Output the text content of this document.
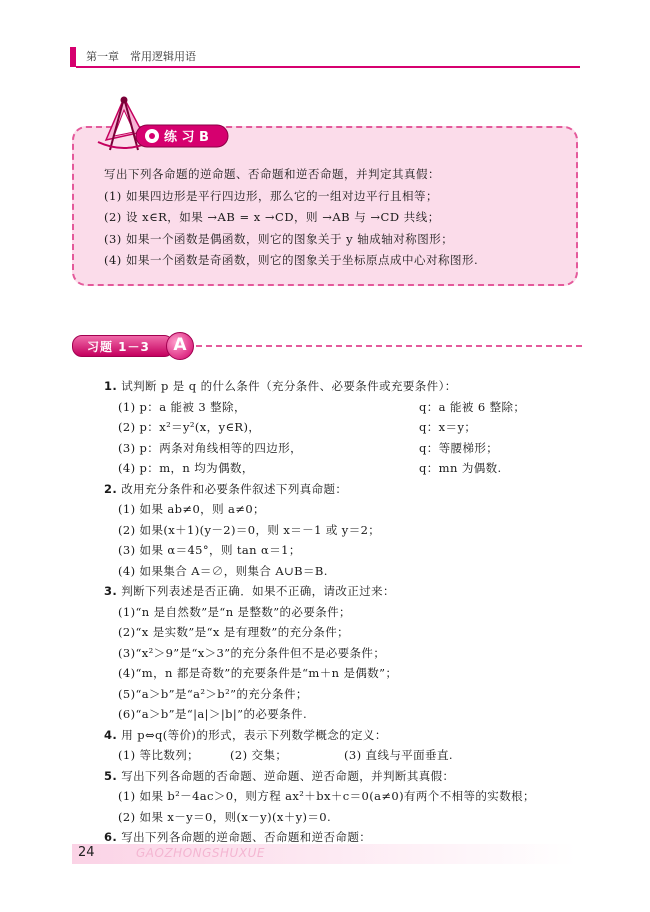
第一章　常用逻辑用语
练 习 B
写出下列各命题的逆命题、否命题和逆否命题，并判定其真假：
(1) 如果四边形是平行四边形，那么它的一组对边平行且相等；
(2) 设 x∈R，如果 →AB = x →CD，则 →AB 与 →CD 共线；
(3) 如果一个函数是偶函数，则它的图象关于 y 轴成轴对称图形；
(4) 如果一个函数是奇函数，则它的图象关于坐标原点成中心对称图形.
习题 1－3	A
1. 试判断 p 是 q 的什么条件（充分条件、必要条件或充要条件）：
(1) p：a 能被 3 整除，	q：a 能被 6 整除；
(2) p：x²＝y²(x，y∈R)，	q：x＝y；
(3) p：两条对角线相等的四边形，	q：等腰梯形；
(4) p：m，n 均为偶数，	q：mn 为偶数.
2. 改用充分条件和必要条件叙述下列真命题：
(1) 如果 ab≠0，则 a≠0；
(2) 如果(x＋1)(y－2)＝0，则 x＝－1 或 y＝2；
(3) 如果 α＝45°，则 tan α＝1；
(4) 如果集合 A＝∅，则集合 A∪B＝B.
3. 判断下列表述是否正确．如果不正确，请改正过来：
(1)“n 是自然数”是“n 是整数”的必要条件；
(2)“x 是实数”是“x 是有理数”的充分条件；
(3)“x²＞9”是“x＞3”的充分条件但不是必要条件；
(4)“m，n 都是奇数”的充要条件是“m＋n 是偶数”；
(5)“a＞b”是“a²＞b²”的充分条件；
(6)“a＞b”是“|a|＞|b|”的必要条件.
4. 用 p⇔q(等价)的形式，表示下列数学概念的定义：
(1) 等比数列；	(2) 交集；	(3) 直线与平面垂直.
5. 写出下列各命题的否命题、逆命题、逆否命题，并判断其真假：
(1) 如果 b²－4ac＞0，则方程 ax²＋bx＋c＝0(a≠0)有两个不相等的实数根；
(2) 如果 x－y＝0，则(x－y)(x＋y)＝0.
6. 写出下列各命题的逆命题、否命题和逆否命题：
24	GAOZHONGSHUXUE
